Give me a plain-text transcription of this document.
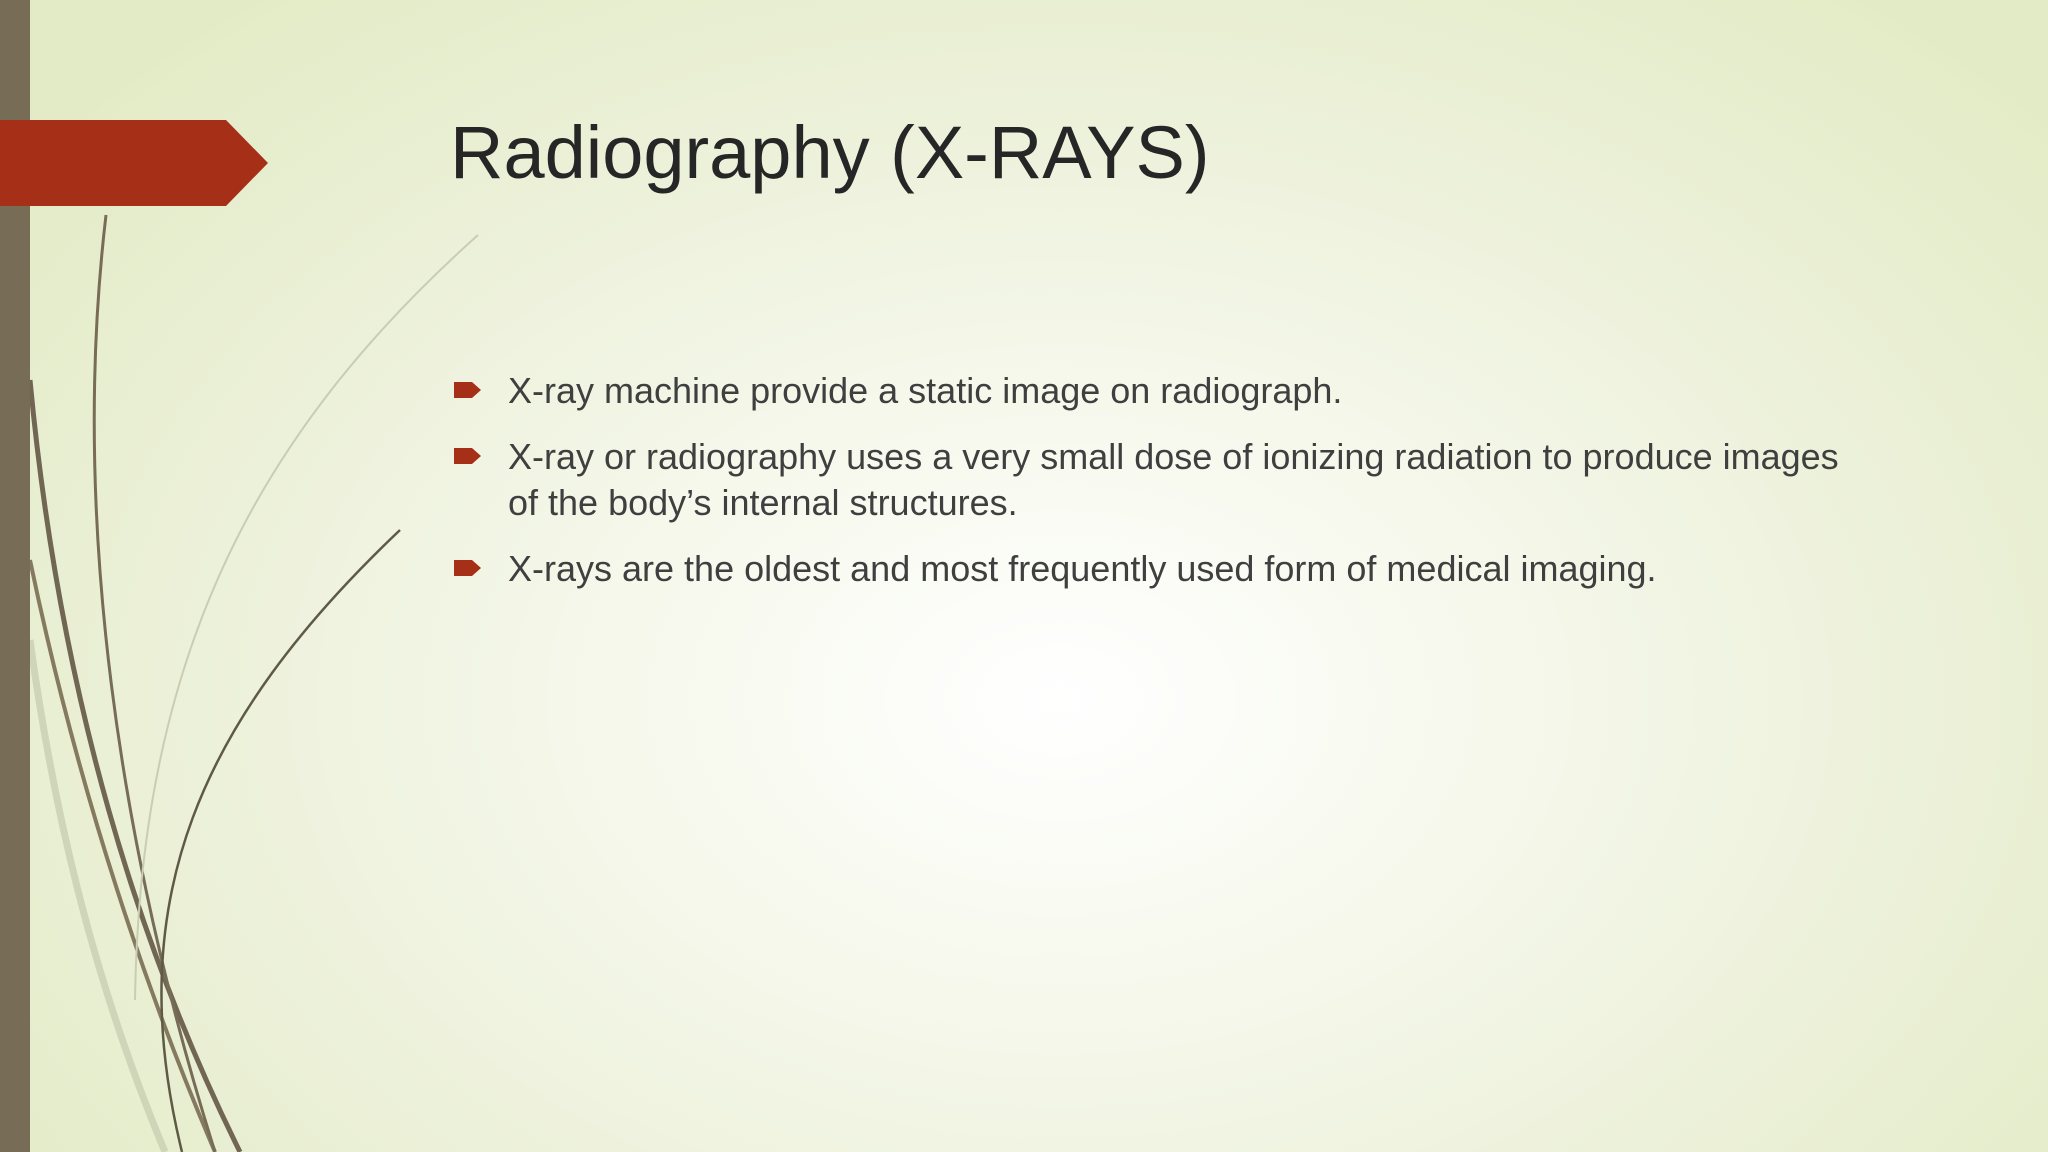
Radiography (X-RAYS)
X-ray machine provide a static image on radiograph.
X-ray or radiography uses a very small dose of ionizing radiation to produce images of the body’s internal structures.
X-rays are the oldest and most frequently used form of medical imaging.
